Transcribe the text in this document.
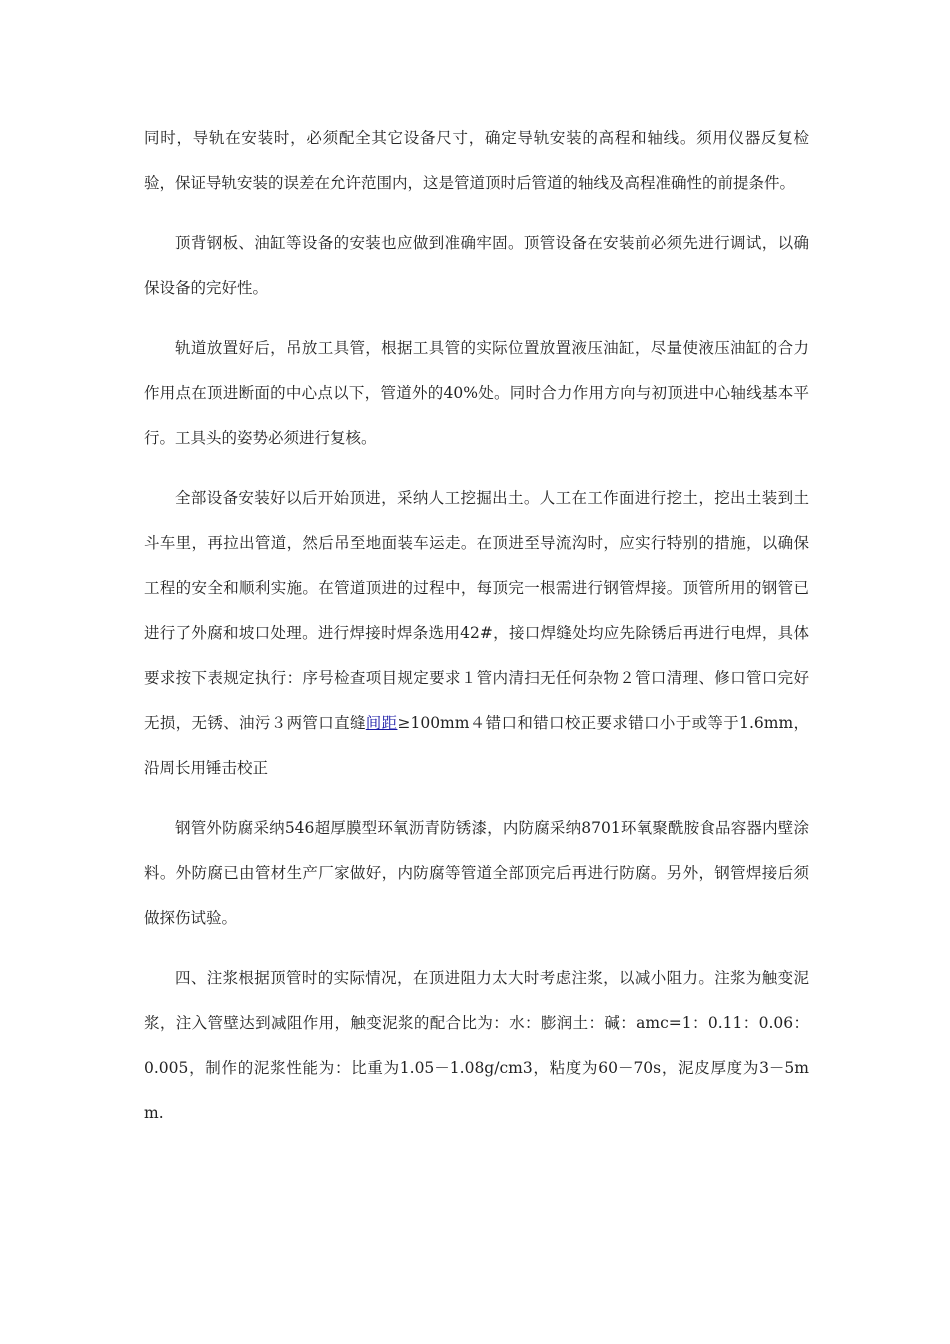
同时，导轨在安装时，必须配全其它设备尺寸，确定导轨安装的高程和轴线。须用仪器反复检验，保证导轨安装的误差在允许范围内，这是管道顶时后管道的轴线及高程准确性的前提条件。

顶背钢板、油缸等设备的安装也应做到准确牢固。顶管设备在安装前必须先进行调试，以确保设备的完好性。

轨道放置好后，吊放工具管，根据工具管的实际位置放置液压油缸，尽量使液压油缸的合力作用点在顶进断面的中心点以下，管道外的40%处。同时合力作用方向与初顶进中心轴线基本平行。工具头的姿势必须进行复核。

全部设备安装好以后开始顶进，采纳人工挖掘出土。人工在工作面进行挖土，挖出土装到土斗车里，再拉出管道，然后吊至地面装车运走。在顶进至导流沟时，应实行特别的措施，以确保工程的安全和顺利实施。在管道顶进的过程中，每顶完一根需进行钢管焊接。顶管所用的钢管已进行了外腐和坡口处理。进行焊接时焊条选用42#，接口焊缝处均应先除锈后再进行电焊，具体要求按下表规定执行：序号检查项目规定要求１管内清扫无任何杂物２管口清理、修口管口完好无损，无锈、油污３两管口直缝间距≥100mm４错口和错口校正要求错口小于或等于1.6mm，沿周长用锤击校正

钢管外防腐采纳546超厚膜型环氧沥青防锈漆，内防腐采纳8701环氧聚酰胺食品容器内壁涂料。外防腐已由管材生产厂家做好，内防腐等管道全部顶完后再进行防腐。另外，钢管焊接后须做探伤试验。

四、注浆根据顶管时的实际情况，在顶进阻力太大时考虑注浆，以减小阻力。注浆为触变泥浆，注入管壁达到减阻作用，触变泥浆的配合比为：水：膨润土：碱：amc=1：0.11：0.06：0.005，制作的泥浆性能为：比重为1.05－1.08g/cm3，粘度为60－70s，泥皮厚度为3－5mm.
